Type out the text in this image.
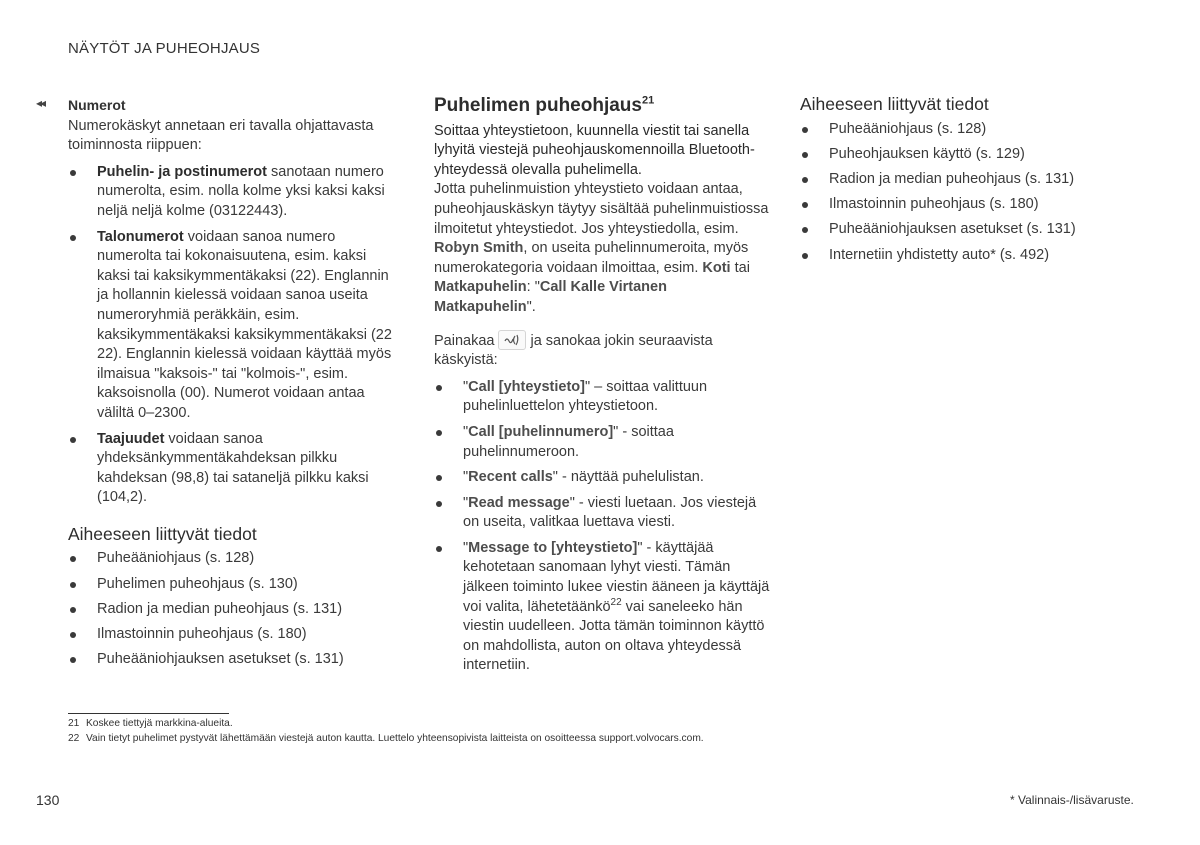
NÄYTÖT JA PUHEOHJAUS
◂◂ Numerot

Numerokäskyt annetaan eri tavalla ohjattavasta toiminnosta riippuen:

Puhelin- ja postinumerot sanotaan numero numerolta, esim. nolla kolme yksi kaksi kaksi neljä neljä kolme (03122443).
Talonumerot voidaan sanoa numero numerolta tai kokonaisuutena, esim. kaksi kaksi tai kaksikymmentäkaksi (22). Englannin ja hollannin kielessä voidaan sanoa useita numeroryhmiä peräkkäin, esim. kaksikymmentäkaksi kaksikymmentäkaksi (22 22). Englannin kielessä voidaan käyttää myös ilmaisua "kaksois-" tai "kolmois-", esim. kaksoisnolla (00). Numerot voidaan antaa väliltä 0–2300.
Taajuudet voidaan sanoa yhdeksänkymmentäkahdeksan pilkku kahdeksan (98,8) tai sataneljä pilkku kaksi (104,2).

Aiheeseen liittyvät tiedot

Puheääniohjaus (s. 128)
Puhelimen puheohjaus (s. 130)
Radion ja median puheohjaus (s. 131)
Ilmastoinnin puheohjaus (s. 180)
Puheääniohjauksen asetukset (s. 131)

Puhelimen puheohjaus$^{21}$

Soittaa yhteystietoon, kuunnella viestit tai sanella lyhyitä viestejä puheohjauskomennoilla Bluetooth-yhteydessä olevalla puhelimella.

Jotta puhelinmuistion yhteystieto voidaan antaa, puheohjauskäskyn täytyy sisältää puhelinmuistiossa ilmoitetut yhteystiedot. Jos yhteystiedolla, esim. Robyn Smith, on useita puhelinnumeroita, myös numerokategoria voidaan ilmoittaa, esim. Koti tai Matkapuhelin: "Call Kalle Virtanen Matkapuhelin".

Painakaa ja sanokaa jokin seuraavista käskyistä:

"Call [yhteystieto]" – soittaa valittuun puhelinluettelon yhteystietoon.
"Call [puhelinnumero]" - soittaa puhelinnumeroon.
"Recent calls" - näyttää puhelulistan.
"Read message" - viesti luetaan. Jos viestejä on useita, valitkaa luettava viesti.
"Message to [yhteystieto]" - käyttäjää kehotetaan sanomaan lyhyt viesti. Tämän jälkeen toiminto lukee viestin ääneen ja käyttäjä voi valita, lähetetäänkö$^{22}$ vai saneleeko hän viestin uudelleen. Jotta tämän toiminnon käyttö on mahdollista, auton on oltava yhteydessä internetiin.

Aiheeseen liittyvät tiedot

Puheääniohjaus (s. 128)
Puheohjauksen käyttö (s. 129)
Radion ja median puheohjaus (s. 131)
Ilmastoinnin puheohjaus (s. 180)
Puheääniohjauksen asetukset (s. 131)
Internetiin yhdistetty auto* (s. 492)
21 Koskee tiettyjä markkina-alueita.
22 Vain tietyt puhelimet pystyvät lähettämään viestejä auton kautta. Luettelo yhteensopivista laitteista on osoitteessa support.volvocars.com.
130	* Valinnais-/lisävaruste.
